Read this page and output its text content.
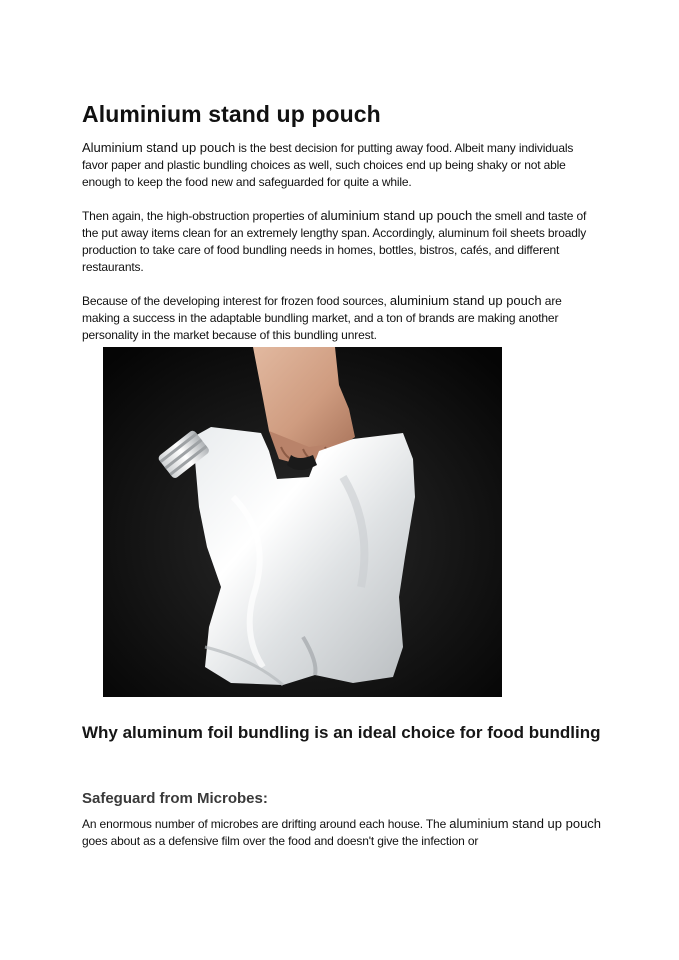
Aluminium stand up pouch

Aluminium stand up pouch is the best decision for putting away food. Albeit many individuals favor paper and plastic bundling choices as well, such choices end up being shaky or not able enough to keep the food new and safeguarded for quite a while.

Then again, the high-obstruction properties of aluminium stand up pouch the smell and taste of the put away items clean for an extremely lengthy span. Accordingly, aluminum foil sheets broadly production to take care of food bundling needs in homes, bottles, bistros, cafés, and different restaurants.

Because of the developing interest for frozen food sources, aluminium stand up pouch are making a success in the adaptable bundling market, and a ton of brands are making another personality in the market because of this bundling unrest.

Why aluminum foil bundling is an ideal choice for food bundling
Safeguard from Microbes:

An enormous number of microbes are drifting around each house. The aluminium stand up pouch goes about as a defensive film over the food and doesn't give the infection or
